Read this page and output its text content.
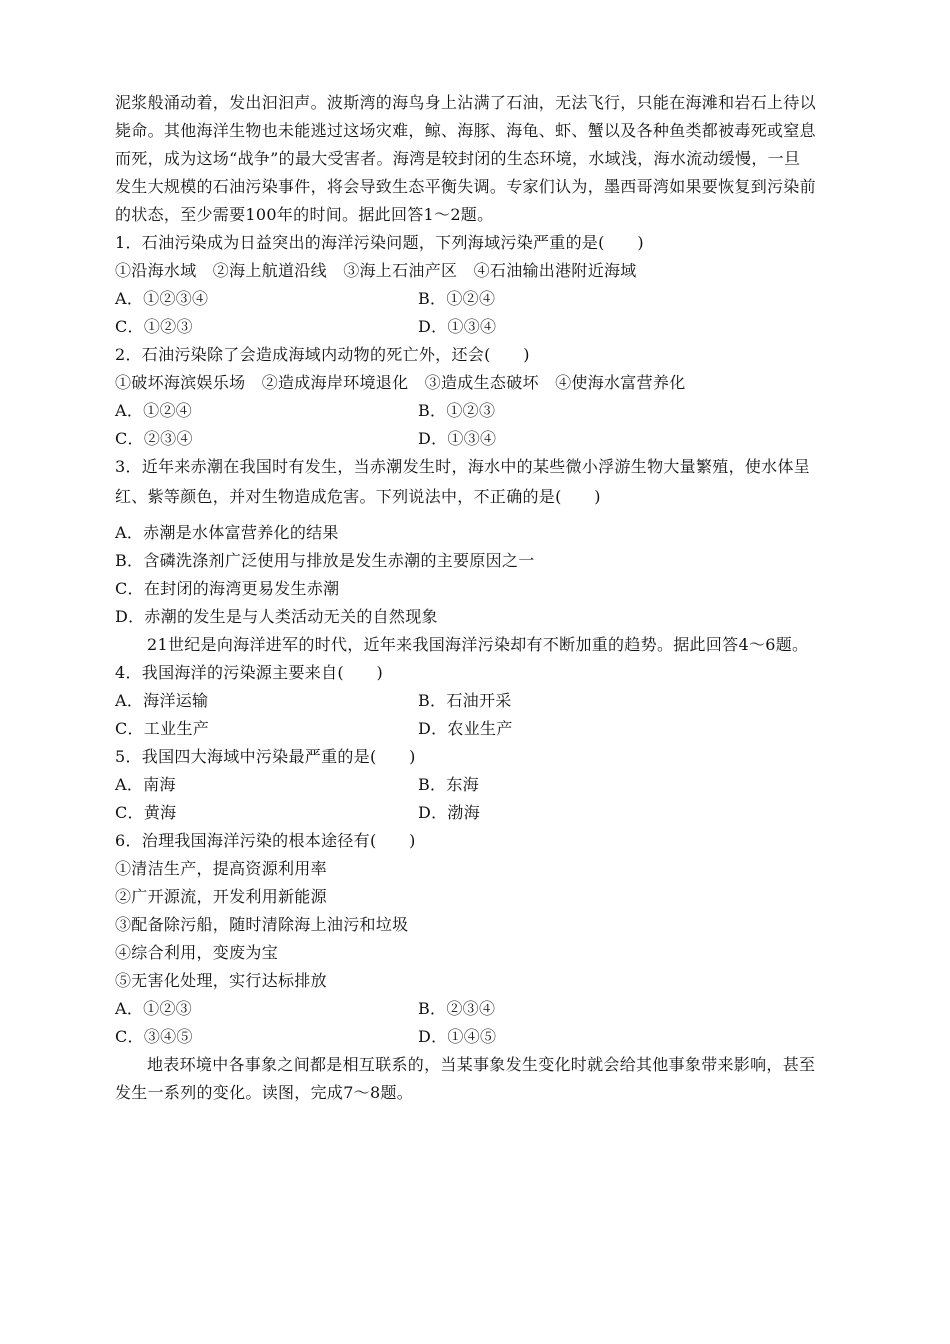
泥浆般涌动着，发出汩汩声。波斯湾的海鸟身上沾满了石油，无法飞行，只能在海滩和岩石上待以
毙命。其他海洋生物也未能逃过这场灾难，鲸、海豚、海龟、虾、蟹以及各种鱼类都被毒死或窒息
而死，成为这场“战争”的最大受害者。海湾是较封闭的生态环境，水域浅，海水流动缓慢，一旦
发生大规模的石油污染事件，将会导致生态平衡失调。专家们认为，墨西哥湾如果要恢复到污染前
的状态，至少需要100年的时间。据此回答1～2题。
1．石油污染成为日益突出的海洋污染问题，下列海域污染严重的是(　　)
①沿海水域　②海上航道沿线　③海上石油产区　④石油输出港附近海域
A．①②③④	B．①②④
C．①②③	D．①③④
2．石油污染除了会造成海域内动物的死亡外，还会(　　)
①破坏海滨娱乐场　②造成海岸环境退化　③造成生态破坏　④使海水富营养化
A．①②④	B．①②③
C．②③④	D．①③④
3．近年来赤潮在我国时有发生，当赤潮发生时，海水中的某些微小浮游生物大量繁殖，使水体呈
红、紫等颜色，并对生物造成危害。下列说法中，不正确的是(　　)
A．赤潮是水体富营养化的结果
B．含磷洗涤剂广泛使用与排放是发生赤潮的主要原因之一
C．在封闭的海湾更易发生赤潮
D．赤潮的发生是与人类活动无关的自然现象
21世纪是向海洋进军的时代，近年来我国海洋污染却有不断加重的趋势。据此回答4～6题。
4．我国海洋的污染源主要来自(　　)
A．海洋运输	B．石油开采
C．工业生产	D．农业生产
5．我国四大海域中污染最严重的是(　　)
A．南海	B．东海
C．黄海	D．渤海
6．治理我国海洋污染的根本途径有(　　)
①清洁生产，提高资源利用率
②广开源流，开发利用新能源
③配备除污船，随时清除海上油污和垃圾
④综合利用，变废为宝
⑤无害化处理，实行达标排放
A．①②③	B．②③④
C．③④⑤	D．①④⑤
地表环境中各事象之间都是相互联系的，当某事象发生变化时就会给其他事象带来影响，甚至
发生一系列的变化。读图，完成7～8题。
